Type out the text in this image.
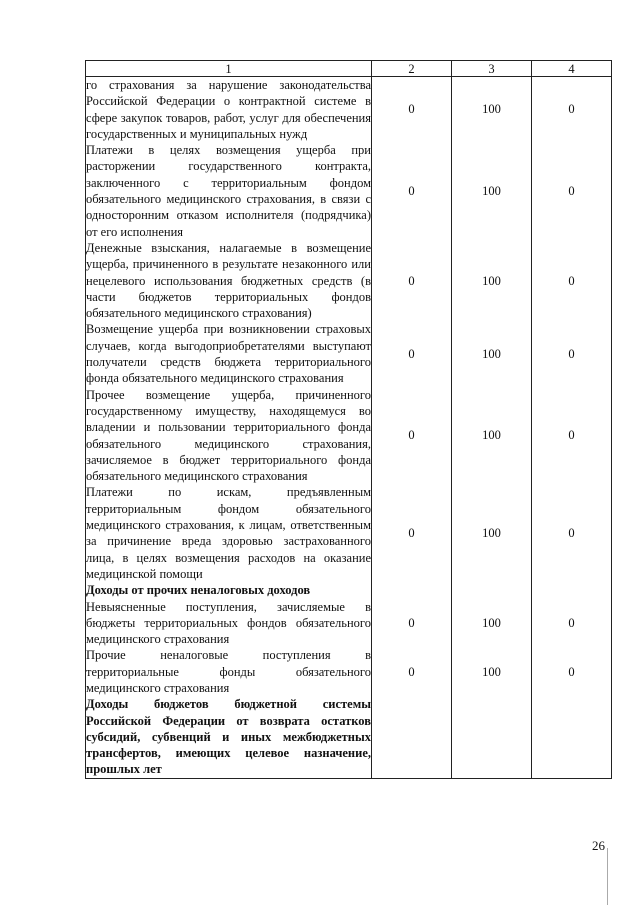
1	2	3	4
го страхования за нарушение законодательства Российской Федерации о контрактной системе в сфере закупок товаров, работ, услуг для обеспечения государственных и муниципальных нужд	0	100	0
Платежи в целях возмещения ущерба при расторжении государственного контракта, заключенного с территориальным фондом обязательного медицинского страхования, в связи с односторонним отказом исполнителя (подрядчика) от его исполнения	0	100	0
Денежные взыскания, налагаемые в возмещение ущерба, причиненного в результате незаконного или нецелевого использования бюджетных средств (в части бюджетов территориальных фондов обязательного медицинского страхования)	0	100	0
Возмещение ущерба при возникновении страховых случаев, когда выгодоприобретателями выступают получатели средств бюджета территориального фонда обязательного медицинского страхования	0	100	0
Прочее возмещение ущерба, причиненного государственному имуществу, находящемуся во владении и пользовании территориального фонда обязательного медицинского страхования, зачисляемое в бюджет территориального фонда обязательного медицинского страхования	0	100	0
Платежи по искам, предъявленным территориальным фондом обязательного медицинского страхования, к лицам, ответственным за причинение вреда здоровью застрахованного лица, в целях возмещения расходов на оказание медицинской помощи	0	100	0
Доходы от прочих неналоговых доходов			
Невыясненные поступления, зачисляемые в бюджеты территориальных фондов обязательного медицинского страхования	0	100	0
Прочие неналоговые поступления в территориальные фонды обязательного медицинского страхования	0	100	0
Доходы бюджетов бюджетной системы Российской Федерации от возврата остатков субсидий, субвенций и иных межбюджетных трансфертов, имеющих целевое назначение, прошлых лет			
26
